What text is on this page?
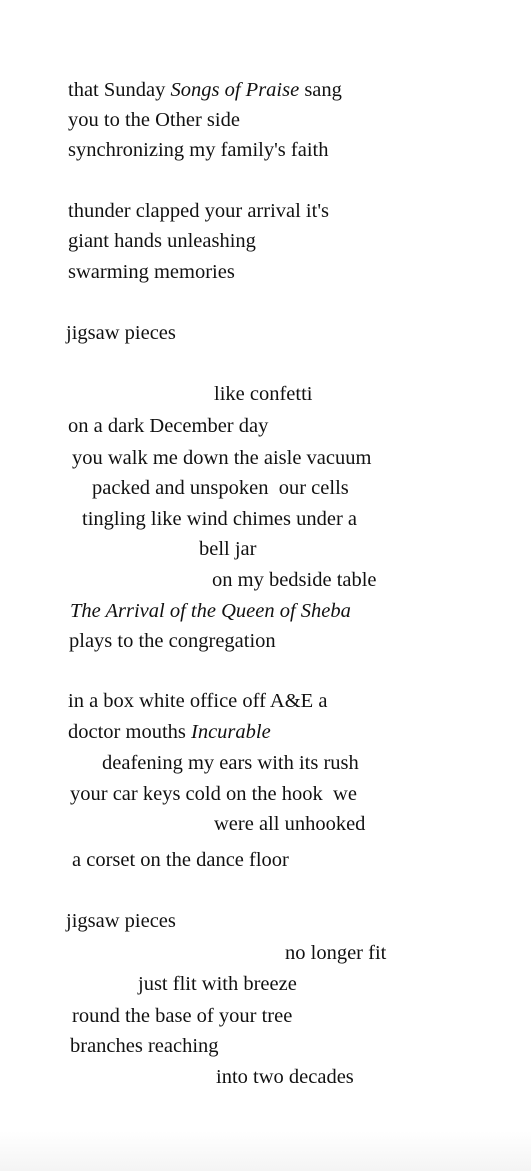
that Sunday Songs of Praise sang

you to the Other side

synchronizing my family's faith

thunder clapped your arrival it's

giant hands unleashing

swarming memories

jigsaw pieces

like confetti

on a dark December day

you walk me down the aisle vacuum

packed and unspoken  our cells

tingling like wind chimes under a

bell jar

on my bedside table

The Arrival of the Queen of Sheba

plays to the congregation

in a box white office off A&E a

doctor mouths Incurable

deafening my ears with its rush

your car keys cold on the hook  we

were all unhooked

a corset on the dance floor

jigsaw pieces

no longer fit

just flit with breeze

round the base of your tree

branches reaching

into two decades
